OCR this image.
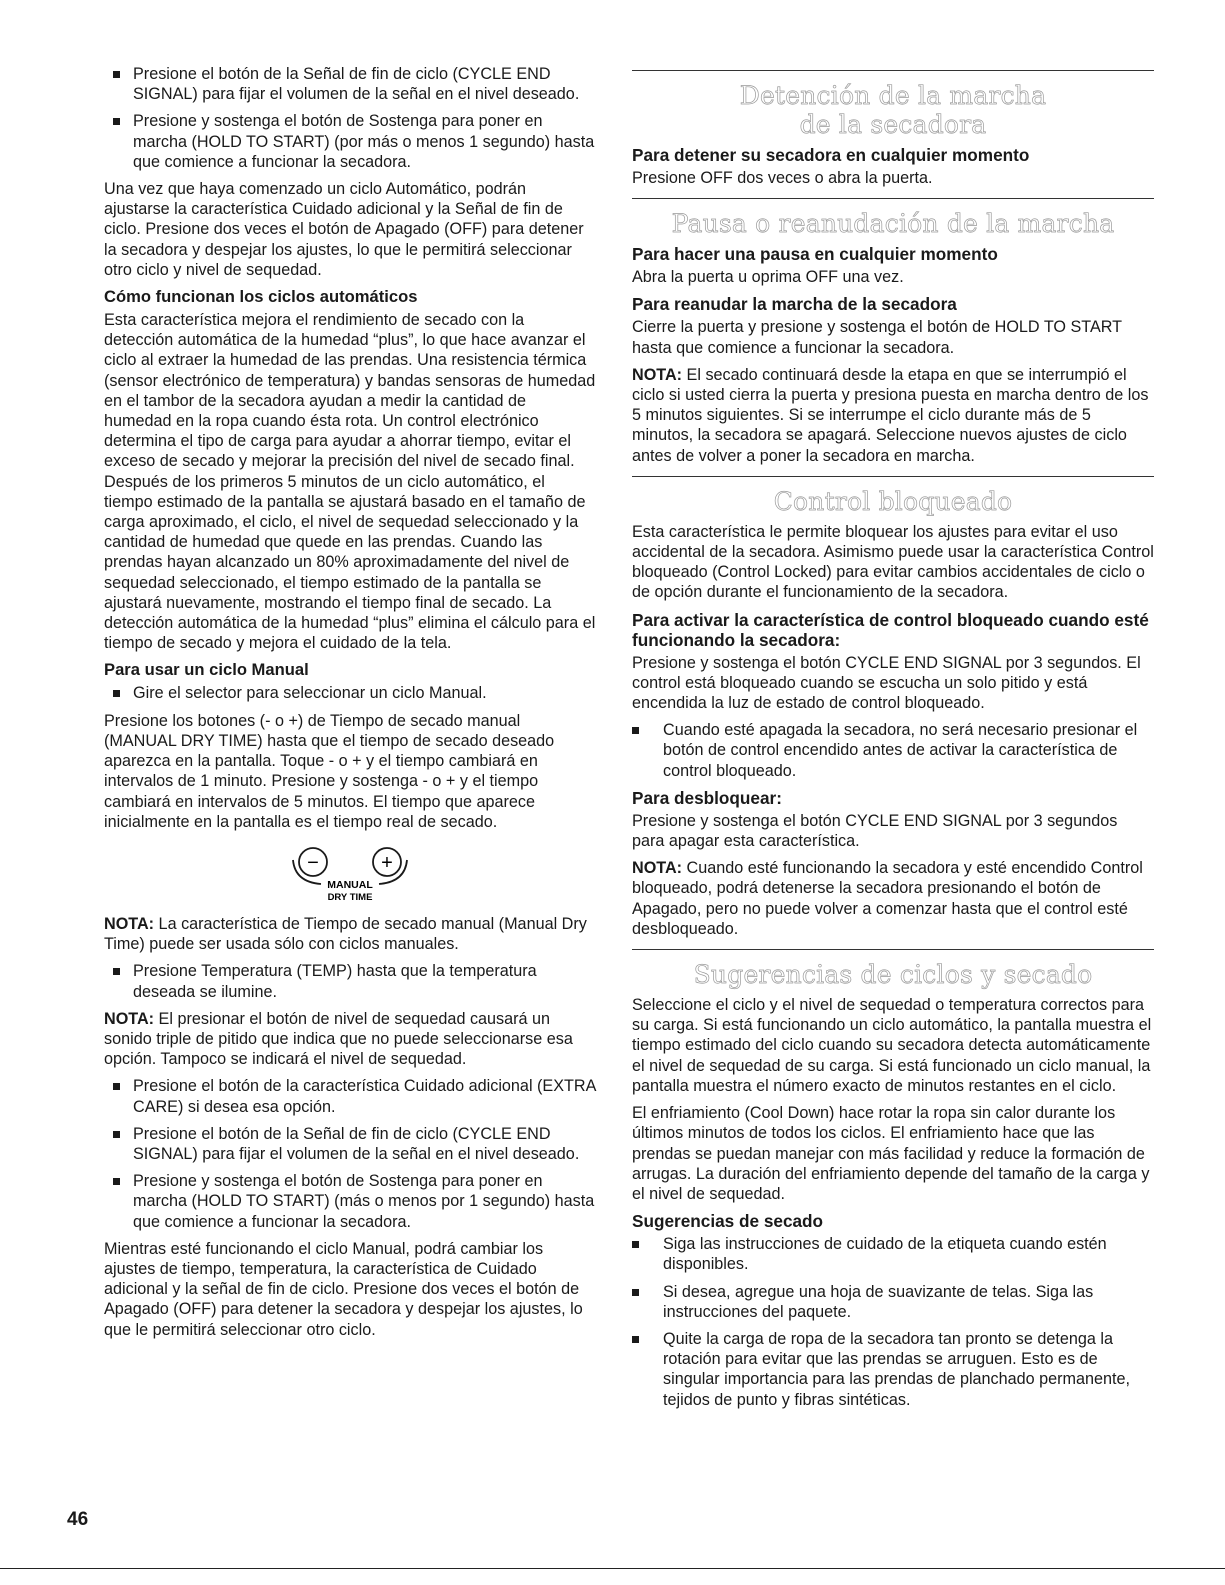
Presione el botón de la Señal de fin de ciclo (CYCLE END SIGNAL) para fijar el volumen de la señal en el nivel deseado.
Presione y sostenga el botón de Sostenga para poner en marcha (HOLD TO START) (por más o menos 1 segundo) hasta que comience a funcionar la secadora.

Una vez que haya comenzado un ciclo Automático, podrán ajustarse la característica Cuidado adicional y la Señal de fin de ciclo. Presione dos veces el botón de Apagado (OFF) para detener la secadora y despejar los ajustes, lo que le permitirá seleccionar otro ciclo y nivel de sequedad.

Cómo funcionan los ciclos automáticos

Esta característica mejora el rendimiento de secado con la detección automática de la humedad “plus”, lo que hace avanzar el ciclo al extraer la humedad de las prendas. Una resistencia térmica (sensor electrónico de temperatura) y bandas sensoras de humedad en el tambor de la secadora ayudan a medir la cantidad de humedad en la ropa cuando ésta rota. Un control electrónico determina el tipo de carga para ayudar a ahorrar tiempo, evitar el exceso de secado y mejorar la precisión del nivel de secado final. Después de los primeros 5 minutos de un ciclo automático, el tiempo estimado de la pantalla se ajustará basado en el tamaño de carga aproximado, el ciclo, el nivel de sequedad seleccionado y la cantidad de humedad que quede en las prendas. Cuando las prendas hayan alcanzado un 80% aproximadamente del nivel de sequedad seleccionado, el tiempo estimado de la pantalla se ajustará nuevamente, mostrando el tiempo final de secado. La detección automática de la humedad “plus” elimina el cálculo para el tiempo de secado y mejora el cuidado de la tela.

Para usar un ciclo Manual
Gire el selector para seleccionar un ciclo Manual.

Presione los botones (- o +) de Tiempo de secado manual (MANUAL DRY TIME) hasta que el tiempo de secado deseado aparezca en la pantalla. Toque - o + y el tiempo cambiará en intervalos de 1 minuto. Presione y sostenga - o + y el tiempo cambiará en intervalos de 5 minutos. El tiempo que aparece inicialmente en la pantalla es el tiempo real de secado.

−	+
MANUAL
DRY TIME

NOTA: La característica de Tiempo de secado manual (Manual Dry Time) puede ser usada sólo con ciclos manuales.

Presione Temperatura (TEMP) hasta que la temperatura deseada se ilumine.

NOTA: El presionar el botón de nivel de sequedad causará un sonido triple de pitido que indica que no puede seleccionarse esa opción. Tampoco se indicará el nivel de sequedad.

Presione el botón de la característica Cuidado adicional (EXTRA CARE) si desea esa opción.
Presione el botón de la Señal de fin de ciclo (CYCLE END SIGNAL) para fijar el volumen de la señal en el nivel deseado.
Presione y sostenga el botón de Sostenga para poner en marcha (HOLD TO START) (más o menos por 1 segundo) hasta que comience a funcionar la secadora.

Mientras esté funcionando el ciclo Manual, podrá cambiar los ajustes de tiempo, temperatura, la característica de Cuidado adicional y la señal de fin de ciclo. Presione dos veces el botón de Apagado (OFF) para detener la secadora y despejar los ajustes, lo que le permitirá seleccionar otro ciclo.

Detención de la marcha
de la secadora
Para detener su secadora en cualquier momento

Presione OFF dos veces o abra la puerta.

Pausa o reanudación de la marcha
Para hacer una pausa en cualquier momento

Abra la puerta u oprima OFF una vez.

Para reanudar la marcha de la secadora

Cierre la puerta y presione y sostenga el botón de HOLD TO START hasta que comience a funcionar la secadora.

NOTA: El secado continuará desde la etapa en que se interrumpió el ciclo si usted cierra la puerta y presiona puesta en marcha dentro de los 5 minutos siguientes. Si se interrumpe el ciclo durante más de 5 minutos, la secadora se apagará. Seleccione nuevos ajustes de ciclo antes de volver a poner la secadora en marcha.

Control bloqueado

Esta característica le permite bloquear los ajustes para evitar el uso accidental de la secadora. Asimismo puede usar la característica Control bloqueado (Control Locked) para evitar cambios accidentales de ciclo o de opción durante el funcionamiento de la secadora.

Para activar la característica de control bloqueado cuando esté funcionando la secadora:

Presione y sostenga el botón CYCLE END SIGNAL por 3 segundos. El control está bloqueado cuando se escucha un solo pitido y está encendida la luz de estado de control bloqueado.

Cuando esté apagada la secadora, no será necesario presionar el botón de control encendido antes de activar la característica de control bloqueado.
Para desbloquear:

Presione y sostenga el botón CYCLE END SIGNAL por 3 segundos para apagar esta característica.

NOTA: Cuando esté funcionando la secadora y esté encendido Control bloqueado, podrá detenerse la secadora presionando el botón de Apagado, pero no puede volver a comenzar hasta que el control esté desbloqueado.

Sugerencias de ciclos y secado

Seleccione el ciclo y el nivel de sequedad o temperatura correctos para su carga. Si está funcionando un ciclo automático, la pantalla muestra el tiempo estimado del ciclo cuando su secadora detecta automáticamente el nivel de sequedad de su carga. Si está funcionado un ciclo manual, la pantalla muestra el número exacto de minutos restantes en el ciclo.

El enfriamiento (Cool Down) hace rotar la ropa sin calor durante los últimos minutos de todos los ciclos. El enfriamiento hace que las prendas se puedan manejar con más facilidad y reduce la formación de arrugas. La duración del enfriamiento depende del tamaño de la carga y el nivel de sequedad.

Sugerencias de secado
Siga las instrucciones de cuidado de la etiqueta cuando estén disponibles.
Si desea, agregue una hoja de suavizante de telas. Siga las instrucciones del paquete.
Quite la carga de ropa de la secadora tan pronto se detenga la rotación para evitar que las prendas se arruguen. Esto es de singular importancia para las prendas de planchado permanente, tejidos de punto y fibras sintéticas.
46
